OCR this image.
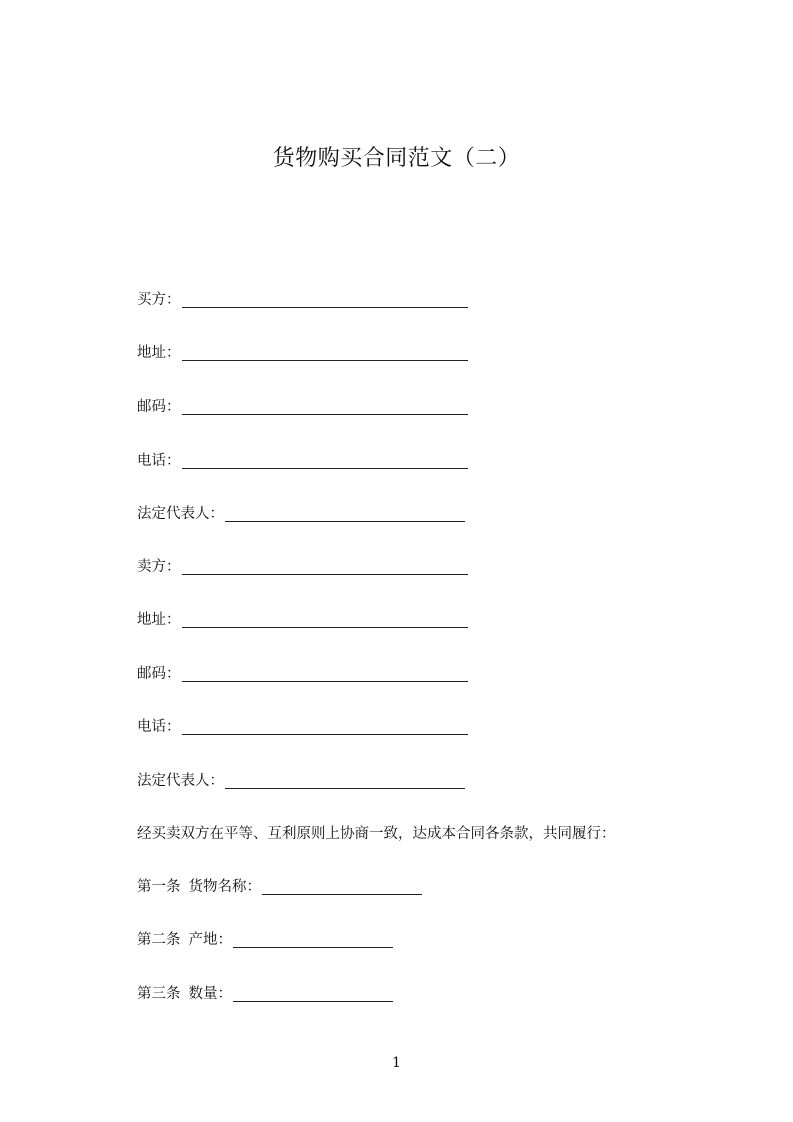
货物购买合同范文（二）
买方：
地址：
邮码：
电话：
法定代表人：
卖方：
地址：
邮码：
电话：
法定代表人：
经买卖双方在平等、互利原则上协商一致，达成本合同各条款，共同履行：
第一条 货物名称：
第二条 产地：
第三条 数量：
1
